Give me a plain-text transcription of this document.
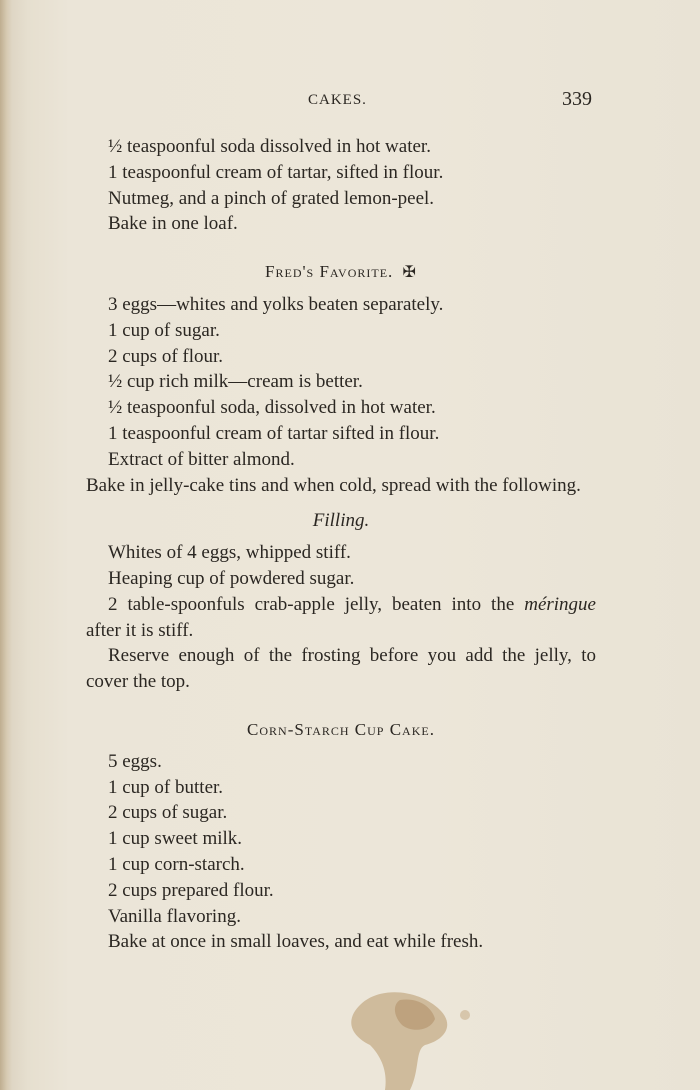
CAKES.	339
½ teaspoonful soda dissolved in hot water.
1 teaspoonful cream of tartar, sifted in flour.
Nutmeg, and a pinch of grated lemon-peel.
Bake in one loaf.
Fred's Favorite. ✠
3 eggs—whites and yolks beaten separately.
1 cup of sugar.
2 cups of flour.
½ cup rich milk—cream is better.
½ teaspoonful soda, dissolved in hot water.
1 teaspoonful cream of tartar sifted in flour.
Extract of bitter almond.
Bake in jelly-cake tins and when cold, spread with the following.
Filling.
Whites of 4 eggs, whipped stiff.
Heaping cup of powdered sugar.
2 table-spoonfuls crab-apple jelly, beaten into the méringue after it is stiff.
Reserve enough of the frosting before you add the jelly, to cover the top.
Corn-Starch Cup Cake.
5 eggs.
1 cup of butter.
2 cups of sugar.
1 cup sweet milk.
1 cup corn-starch.
2 cups prepared flour.
Vanilla flavoring.
Bake at once in small loaves, and eat while fresh.
